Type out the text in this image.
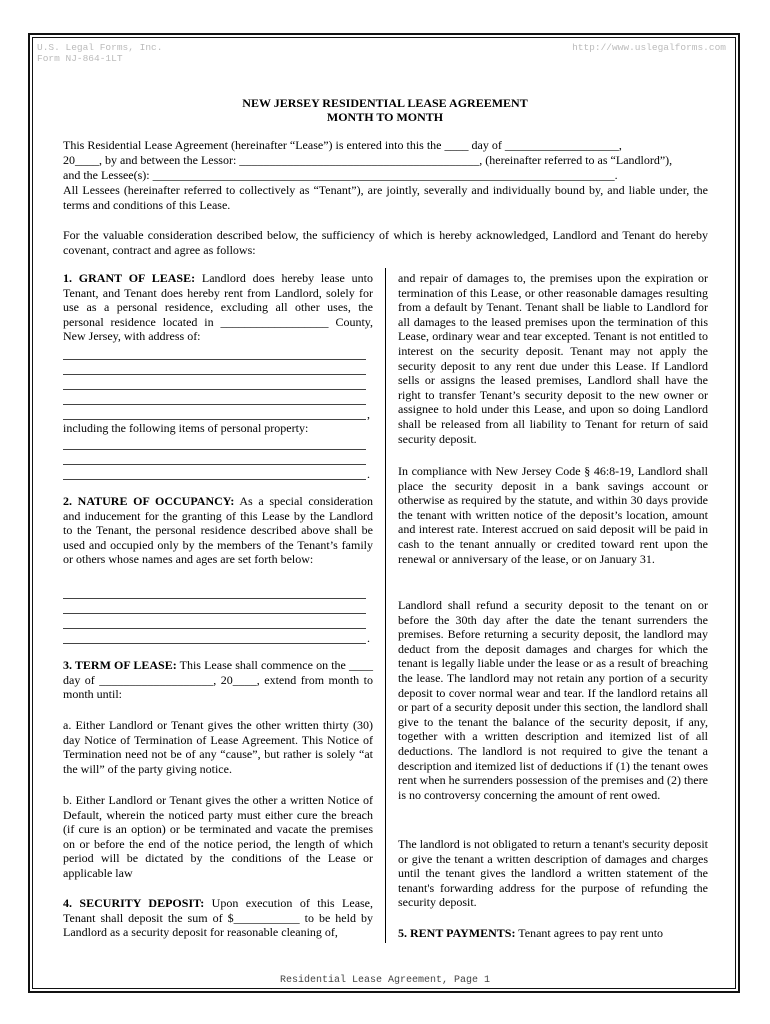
U.S. Legal Forms, Inc.
Form NJ-864-1LT
http://www.uslegalforms.com
NEW JERSEY RESIDENTIAL LEASE AGREEMENT
MONTH TO MONTH

This Residential Lease Agreement (hereinafter “Lease”) is entered into this the ____ day of ___________________,

20____, by and between the Lessor: ________________________________________, (hereinafter referred to as “Landlord”),

and the Lessee(s): _____________________________________________________________________________.

All Lessees (hereinafter referred to collectively as “Tenant”), are jointly, severally and individually bound by, and liable under, the terms and conditions of this Lease.

For the valuable consideration described below, the sufficiency of which is hereby acknowledged, Landlord and Tenant do hereby covenant, contract and agree as follows:

1. GRANT OF LEASE: Landlord does hereby lease unto Tenant, and Tenant does hereby rent from Landlord, solely for use as a personal residence, excluding all other uses, the personal residence located in __________________ County, New Jersey, with address of:

,

including the following items of personal property:

.

2. NATURE OF OCCUPANCY: As a special consideration and inducement for the granting of this Lease by the Landlord to the Tenant, the personal residence described above shall be used and occupied only by the members of the Tenant’s family or others whose names and ages are set forth below:

.

3. TERM OF LEASE: This Lease shall commence on the ____ day of ___________________, 20____, extend from month to month until:

a. Either Landlord or Tenant gives the other written thirty (30) day Notice of Termination of Lease Agreement. This Notice of Termination need not be of any “cause”, but rather is solely “at the will” of the party giving notice.

b. Either Landlord or Tenant gives the other a written Notice of Default, wherein the noticed party must either cure the breach (if cure is an option) or be terminated and vacate the premises on or before the end of the notice period, the length of which period will be dictated by the conditions of the Lease or applicable law

4. SECURITY DEPOSIT: Upon execution of this Lease, Tenant shall deposit the sum of $___________ to be held by Landlord as a security deposit for reasonable cleaning of,

and repair of damages to, the premises upon the expiration or termination of this Lease, or other reasonable damages resulting from a default by Tenant. Tenant shall be liable to Landlord for all damages to the leased premises upon the termination of this Lease, ordinary wear and tear excepted. Tenant is not entitled to interest on the security deposit. Tenant may not apply the security deposit to any rent due under this Lease. If Landlord sells or assigns the leased premises, Landlord shall have the right to transfer Tenant’s security deposit to the new owner or assignee to hold under this Lease, and upon so doing Landlord shall be released from all liability to Tenant for return of said security deposit.

In compliance with New Jersey Code § 46:8-19, Landlord shall place the security deposit in a bank savings account or otherwise as required by the statute, and within 30 days provide the tenant with written notice of the deposit’s location, amount and interest rate. Interest accrued on said deposit will be paid in cash to the tenant annually or credited toward rent upon the renewal or anniversary of the lease, or on January 31.

Landlord shall refund a security deposit to the tenant on or before the 30th day after the date the tenant surrenders the premises. Before returning a security deposit, the landlord may deduct from the deposit damages and charges for which the tenant is legally liable under the lease or as a result of breaching the lease. The landlord may not retain any portion of a security deposit to cover normal wear and tear. If the landlord retains all or part of a security deposit under this section, the landlord shall give to the tenant the balance of the security deposit, if any, together with a written description and itemized list of all deductions. The landlord is not required to give the tenant a description and itemized list of deductions if (1) the tenant owes rent when he surrenders possession of the premises and (2) there is no controversy concerning the amount of rent owed.

The landlord is not obligated to return a tenant's security deposit or give the tenant a written description of damages and charges until the tenant gives the landlord a written statement of the tenant's forwarding address for the purpose of refunding the security deposit.

5. RENT PAYMENTS: Tenant agrees to pay rent unto

Residential Lease Agreement, Page 1
